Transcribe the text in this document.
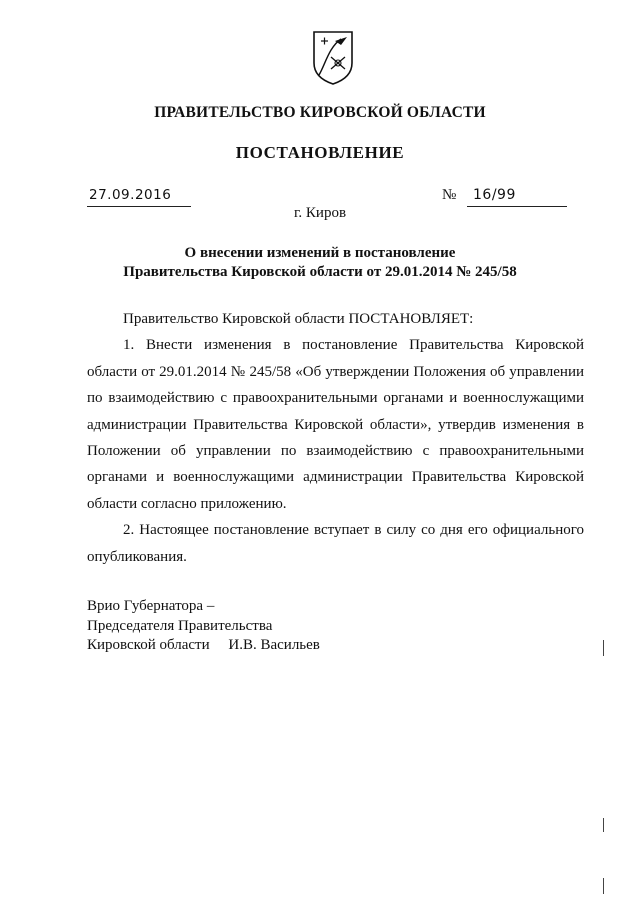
ПРАВИТЕЛЬСТВО КИРОВСКОЙ ОБЛАСТИ
ПОСТАНОВЛЕНИЕ
27.09.2016	№ 16/99
г. Киров
О внесении изменений в постановление
Правительства Кировской области от 29.01.2014 № 245/58

Правительство Кировской области ПОСТАНОВЛЯЕТ:

1. Внести изменения в постановление Правительства Кировской области от 29.01.2014 № 245/58 «Об утверждении Положения об управлении по взаимодействию с правоохранительными органами и военнослужащими администрации Правительства Кировской области», утвердив изменения в Положении об управлении по взаимодействию с правоохранительными органами и военнослужащими администрации Правительства Кировской области согласно приложению.

2. Настоящее постановление вступает в силу со дня его официального опубликования.

Врио Губернатора –
Председателя Правительства
Кировской области И.В. Васильев
